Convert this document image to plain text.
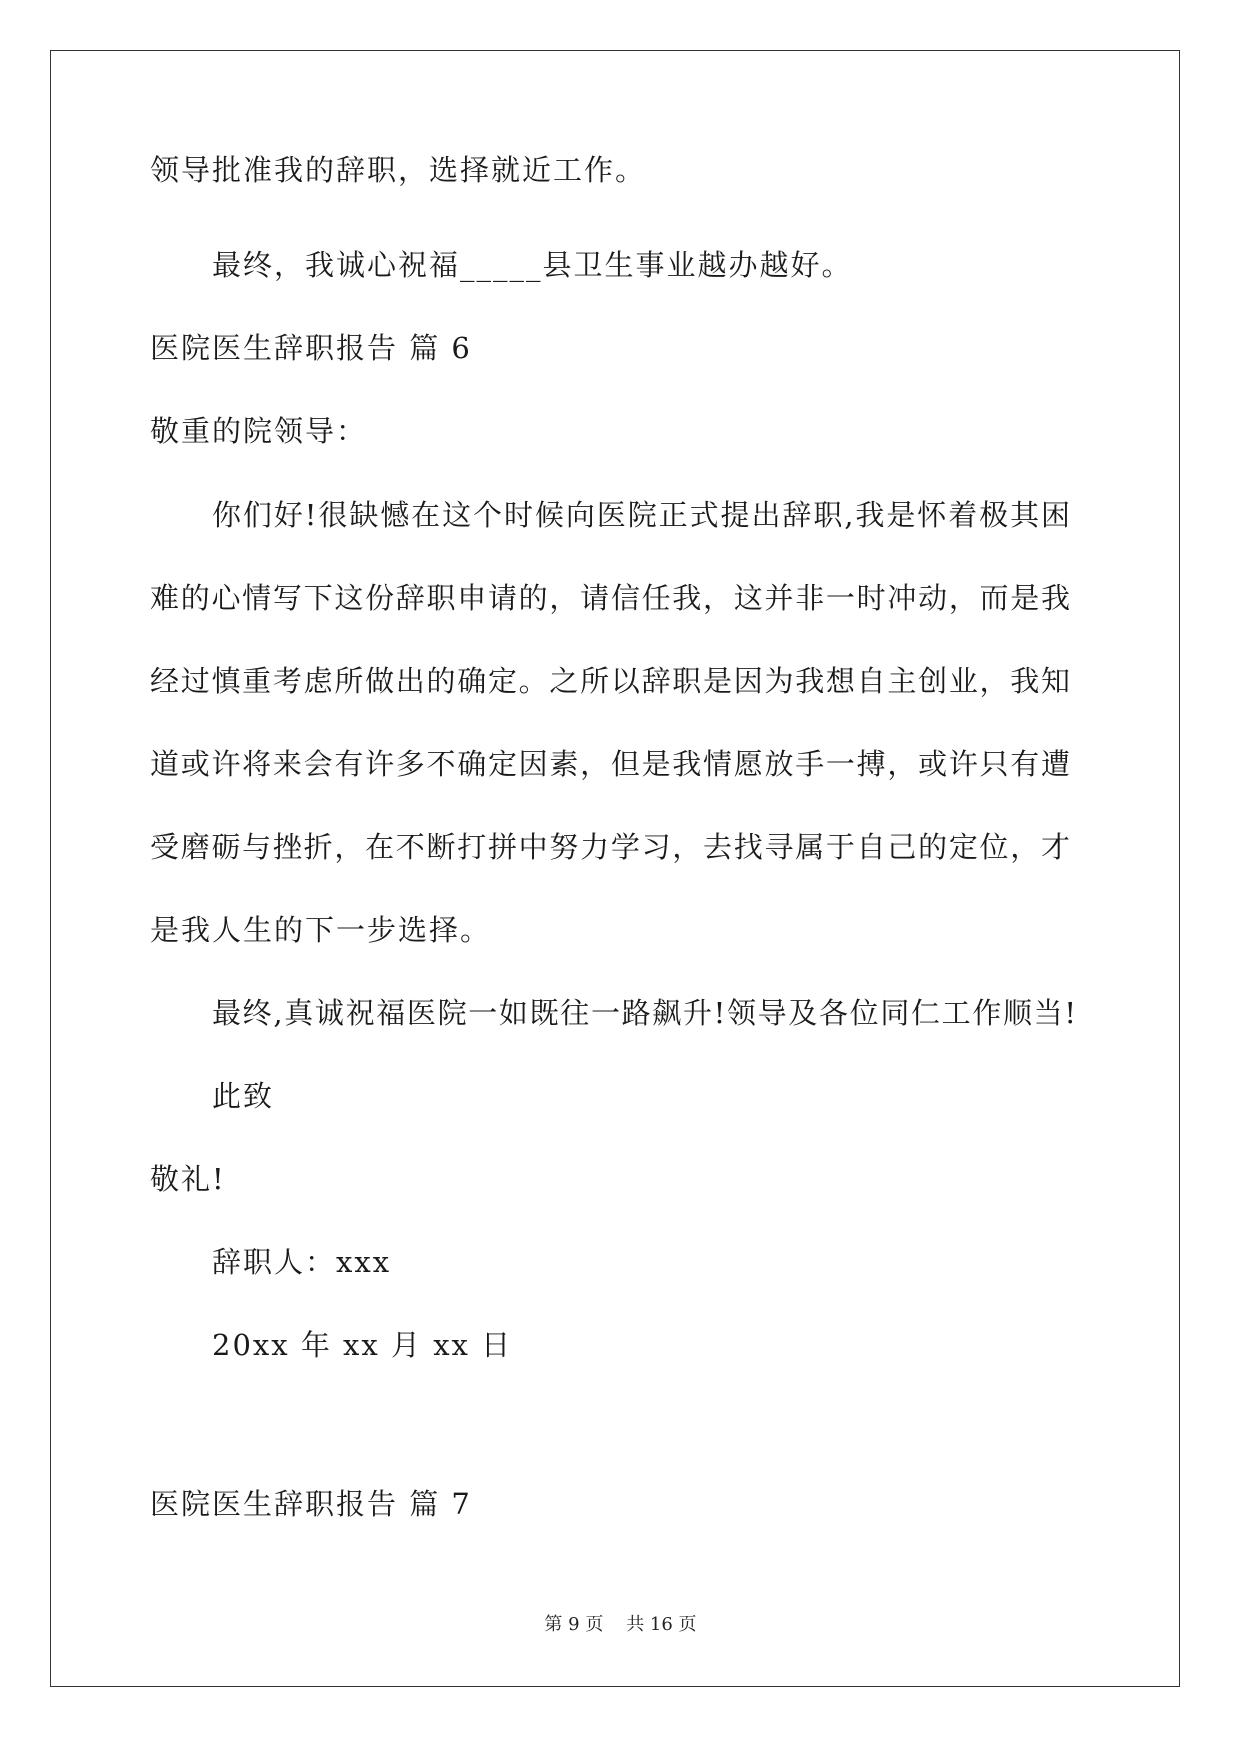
领导批准我的辞职，选择就近工作。
最终，我诚心祝福_____县卫生事业越办越好。
医院医生辞职报告 篇 6
敬重的院领导：
你们好!很缺憾在这个时候向医院正式提出辞职,我是怀着极其困
难的心情写下这份辞职申请的，请信任我，这并非一时冲动，而是我
经过慎重考虑所做出的确定。之所以辞职是因为我想自主创业，我知
道或许将来会有许多不确定因素，但是我情愿放手一搏，或许只有遭
受磨砺与挫折，在不断打拼中努力学习，去找寻属于自己的定位，才
是我人生的下一步选择。
最终,真诚祝福医院一如既往一路飙升!领导及各位同仁工作顺当!
此致
敬礼!
辞职人：xxx
20xx 年 xx 月 xx 日
医院医生辞职报告 篇 7
第 9 页    共 16 页
